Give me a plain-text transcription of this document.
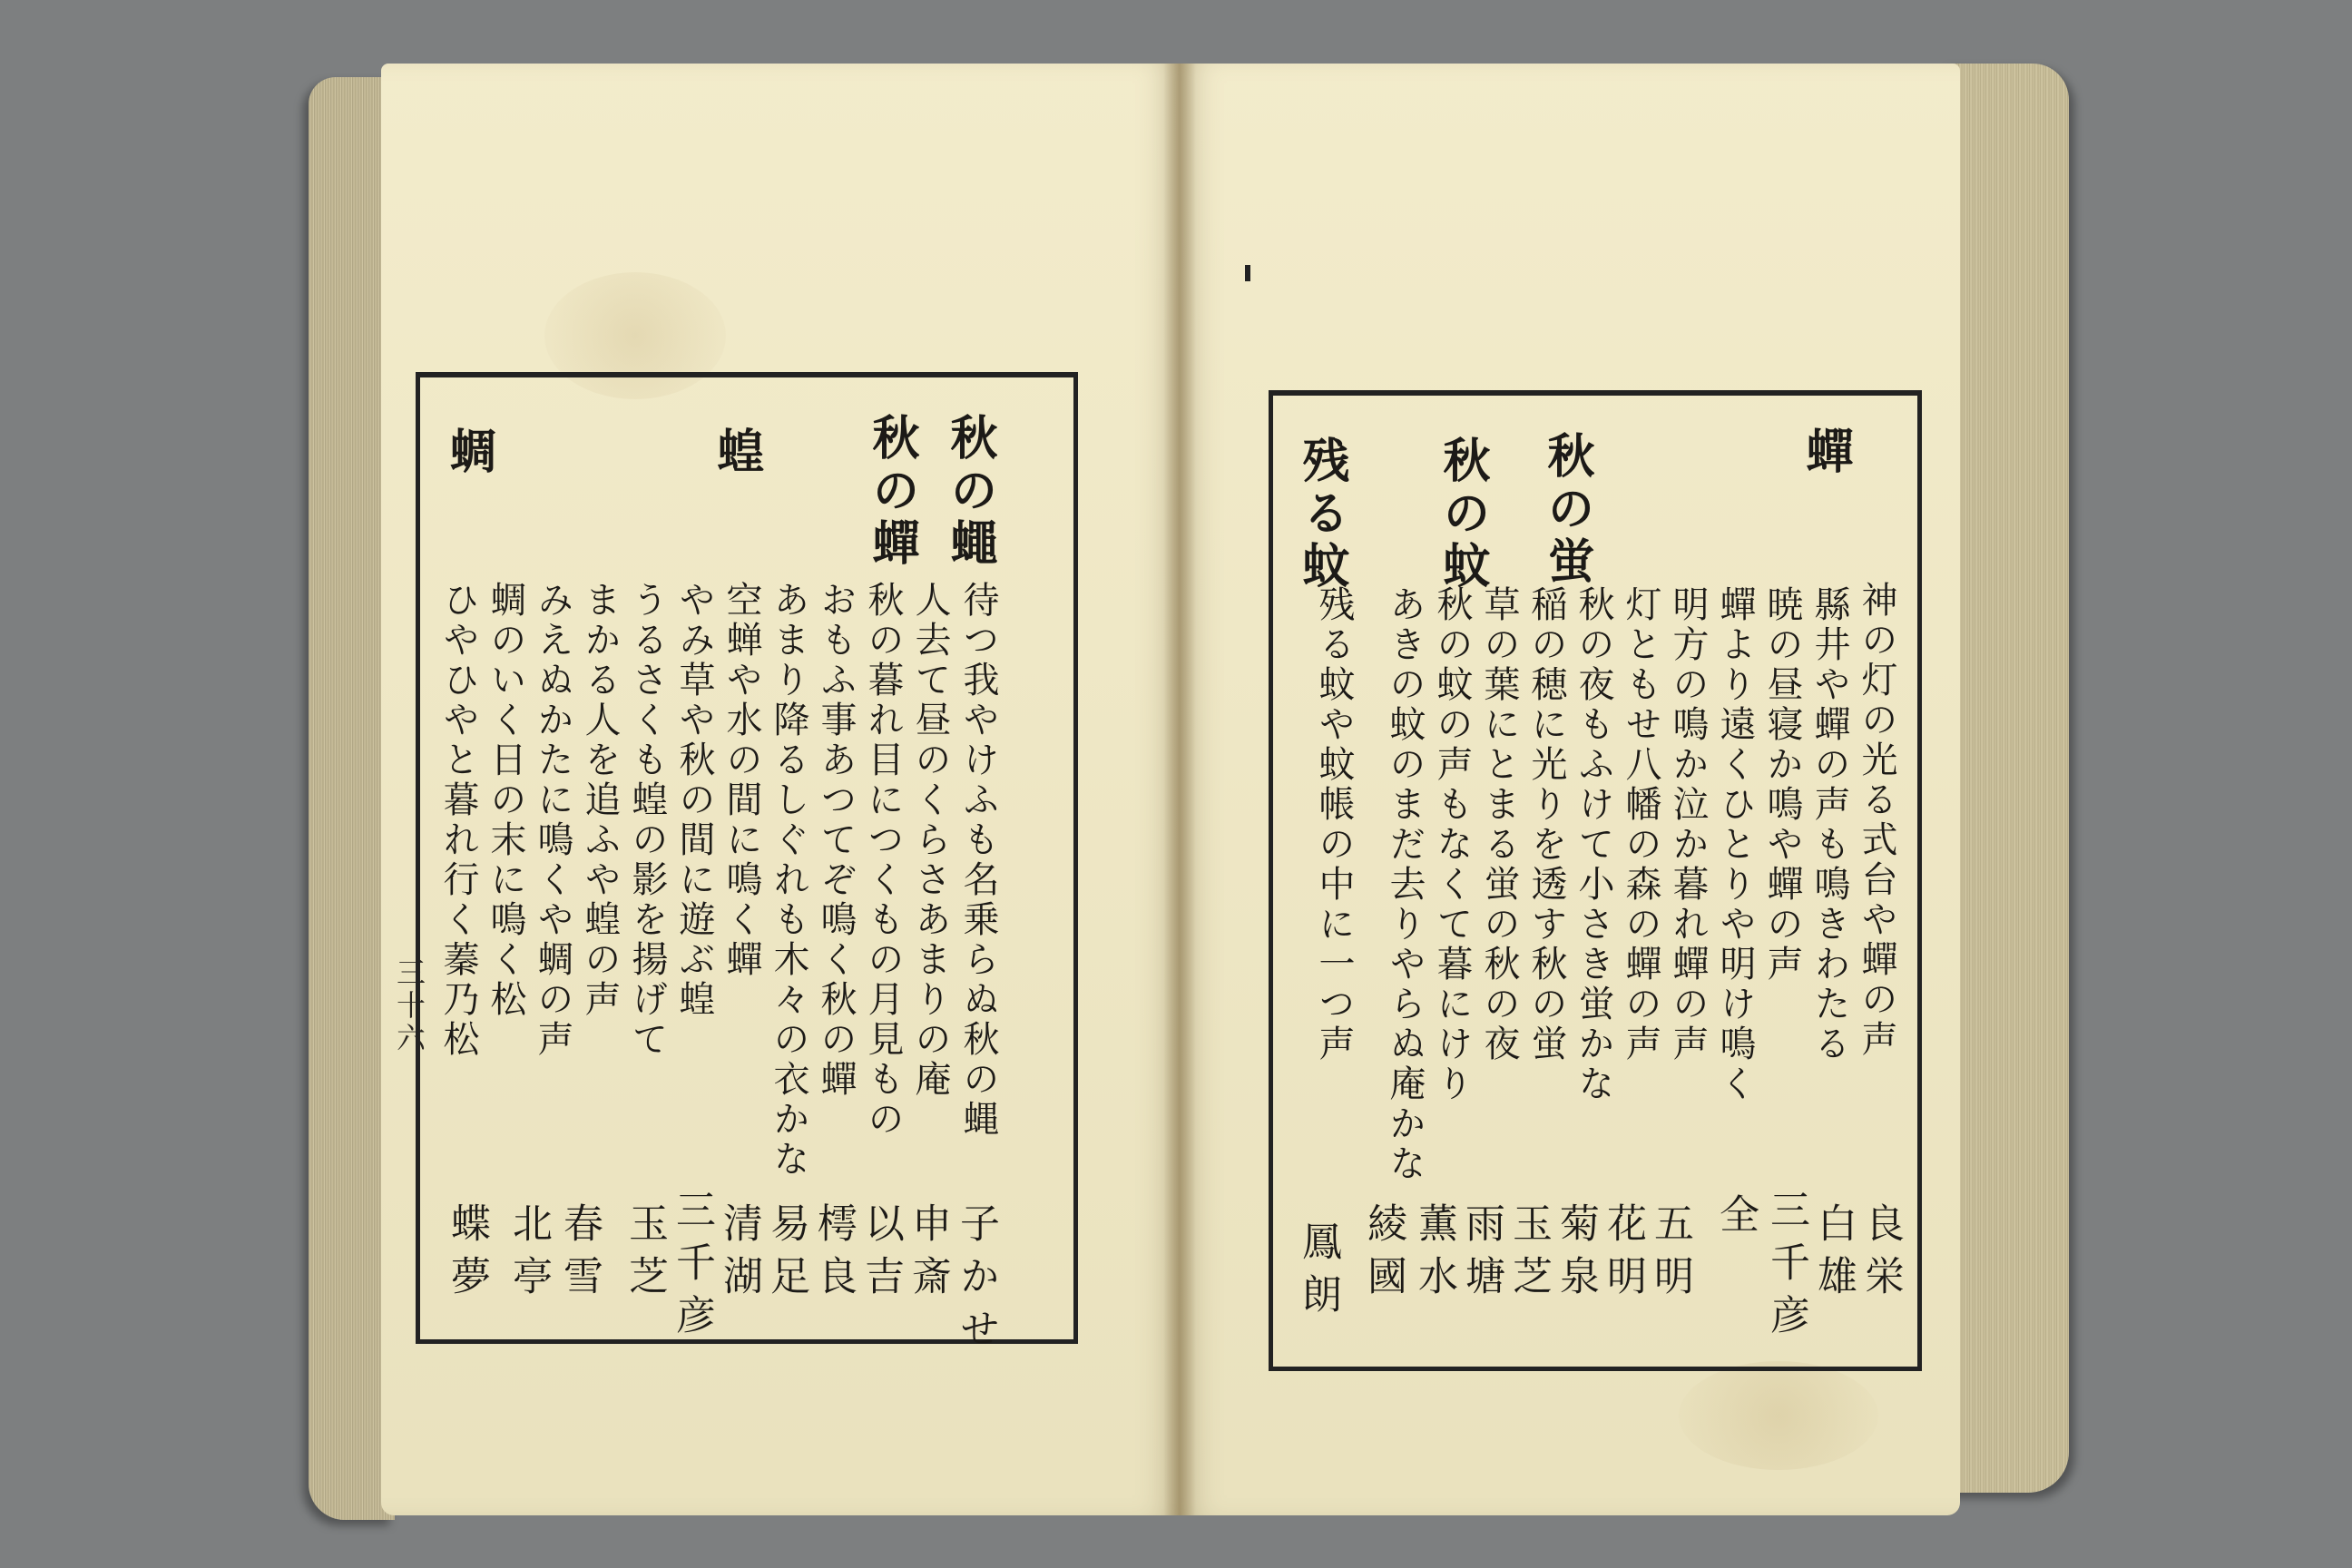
三十六
秋の蠅
秋の蟬
蝗
蜩
待つ我やけふも名乗らぬ秋の蝿
人去て昼のくらさあまりの庵
秋の暮れ目につくもの月見もの
おもふ事あつてぞ鳴く秋の蟬
あまり降るしぐれも木々の衣かな
空蝉や水の間に鳴く蟬
やみ草や秋の間に遊ぶ蝗
うるさくも蝗の影を揚げて
まかる人を追ふや蝗の声
みえぬかたに鳴くや蜩の声
蜩のいく日の末に鳴く松
ひやひやと暮れ行く蓁乃松
子かせ
申斎
以吉
樗良
易足
清湖
三千彦
玉芝
春雪
北亭
蝶夢
蟬
秋の蛍
秋の蚊
残る蚊
神の灯の光る式台や蟬の声
縣井や蟬の声も鳴きわたる
暁の昼寝か鳴や蟬の声
蟬より遠くひとりや明け鳴く
明方の鳴か泣か暮れ蟬の声
灯ともせ八幡の森の蟬の声
秋の夜もふけて小さき蛍かな
稲の穂に光りを透す秋の蛍
草の葉にとまる蛍の秋の夜
秋の蚊の声もなくて暮にけり
あきの蚊のまだ去りやらぬ庵かな
残る蚊や蚊帳の中に一つ声
良栄
白雄
三千彦
全
五明
花明
菊泉
玉芝
雨塘
薫水
綾國
鳳朗
